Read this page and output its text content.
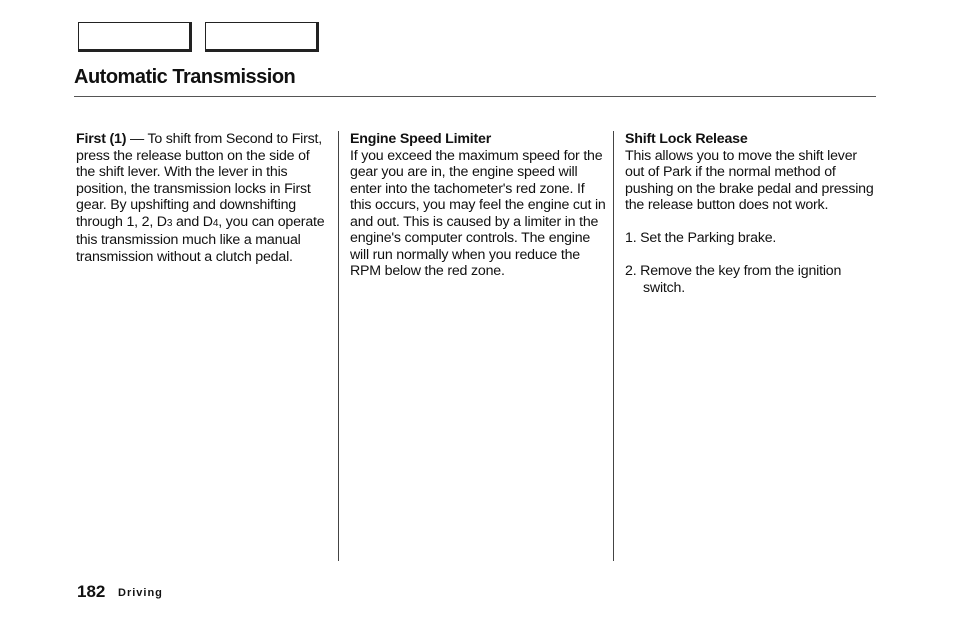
Automatic Transmission

First (1) — To shift from Second to First, press the release button on the side of the shift lever. With the lever in this position, the transmission locks in First gear. By upshifting and downshifting through 1, 2, D3 and D4, you can operate this transmission much like a manual transmission without a clutch pedal.

Engine Speed Limiter

If you exceed the maximum speed for the gear you are in, the engine speed will enter into the tachometer's red zone. If this occurs, you may feel the engine cut in and out. This is caused by a limiter in the engine's computer controls. The engine will run normally when you reduce the RPM below the red zone.

Shift Lock Release

This allows you to move the shift lever out of Park if the normal method of pushing on the brake pedal and pressing the release button does not work.

1. Set the Parking brake.

2. Remove the key from the ignition switch.

182 Driving
